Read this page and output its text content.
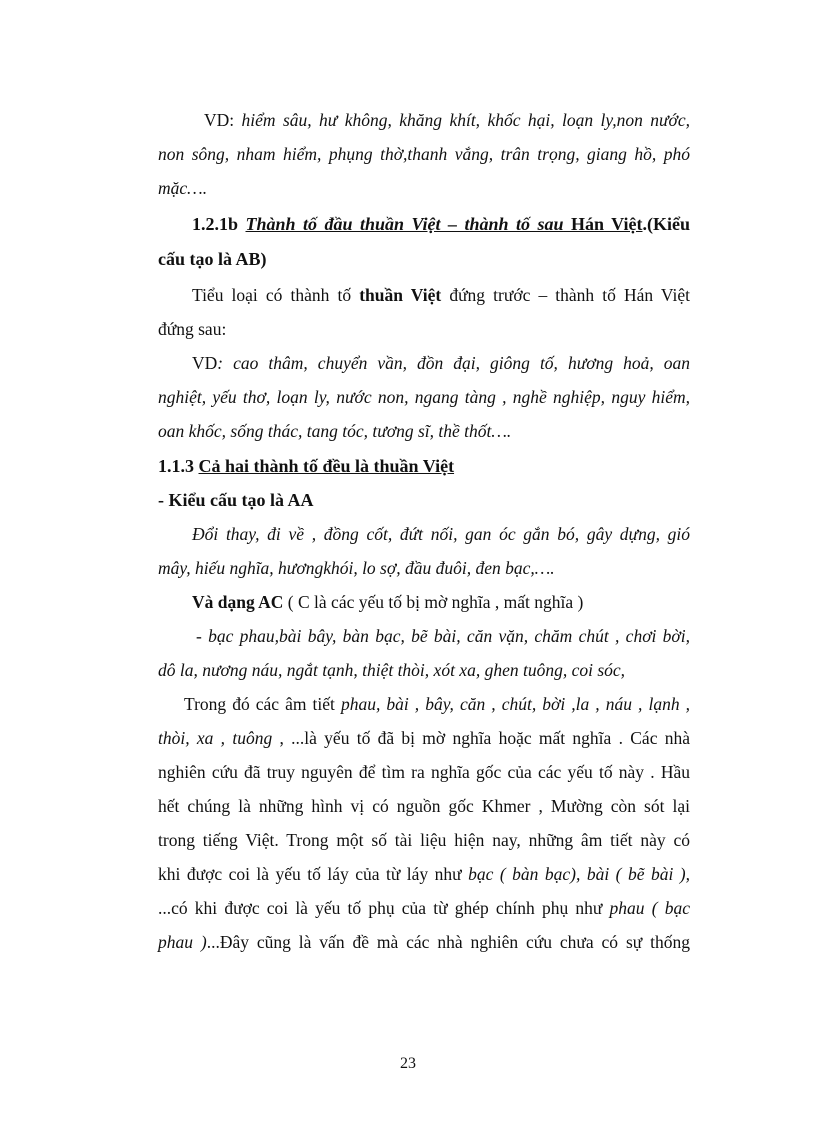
VD: hiểm sâu, hư không, khăng khít, khốc hại, loạn ly,non nước,
non sông, nham hiểm, phụng thờ,thanh vắng, trân trọng, giang hồ, phó
mặc….
1.2.1b Thành tố đầu thuần Việt – thành tố sau Hán Việt.(Kiểu
cấu tạo là AB)
Tiểu loại có thành tố thuần Việt đứng trước – thành tố Hán Việt
đứng sau:
VD: cao thâm, chuyển vần, đồn đại, giông tố, hương hoả, oan
nghiệt, yếu thơ, loạn ly, nước non, ngang tàng , nghề nghiệp, nguy hiểm,
oan khốc, sống thác, tang tóc, tương sĩ, thề thốt….
1.1.3 Cả hai thành tố đều là thuần Việt
- Kiểu cấu tạo là AA
Đổi thay, đi về , đồng cốt, đứt nối, gan óc gắn bó, gây dựng, gió
mây, hiếu nghĩa, hươngkhói, lo sợ, đầu đuôi, đen bạc,….
Và dạng AC ( C là các yếu tố bị mờ nghĩa , mất nghĩa )
- bạc phau,bài bây, bàn bạc, bẽ bài, căn vặn, chăm chút , chơi bời,
dô la, nương náu, ngắt tạnh, thiệt thòi, xót xa, ghen tuông, coi sóc,
Trong đó các âm tiết phau, bài , bây, căn , chút, bời ,la , náu , lạnh ,
thòi, xa , tuông , ...là yếu tố đã bị mờ nghĩa hoặc mất nghĩa . Các nhà
nghiên cứu đã truy nguyên để tìm ra nghĩa gốc của các yếu tố này . Hầu
hết chúng là những hình vị có nguồn gốc Khmer , Mường còn sót lại
trong tiếng Việt. Trong một số tài liệu hiện nay, những âm tiết này có
khi được coi là yếu tố láy của từ láy như bạc ( bàn bạc), bài ( bẽ bài ),
...có khi được coi là yếu tố phụ của từ ghép chính phụ như phau ( bạc
phau )...Đây cũng là vấn đề mà các nhà nghiên cứu chưa có sự thống
23
